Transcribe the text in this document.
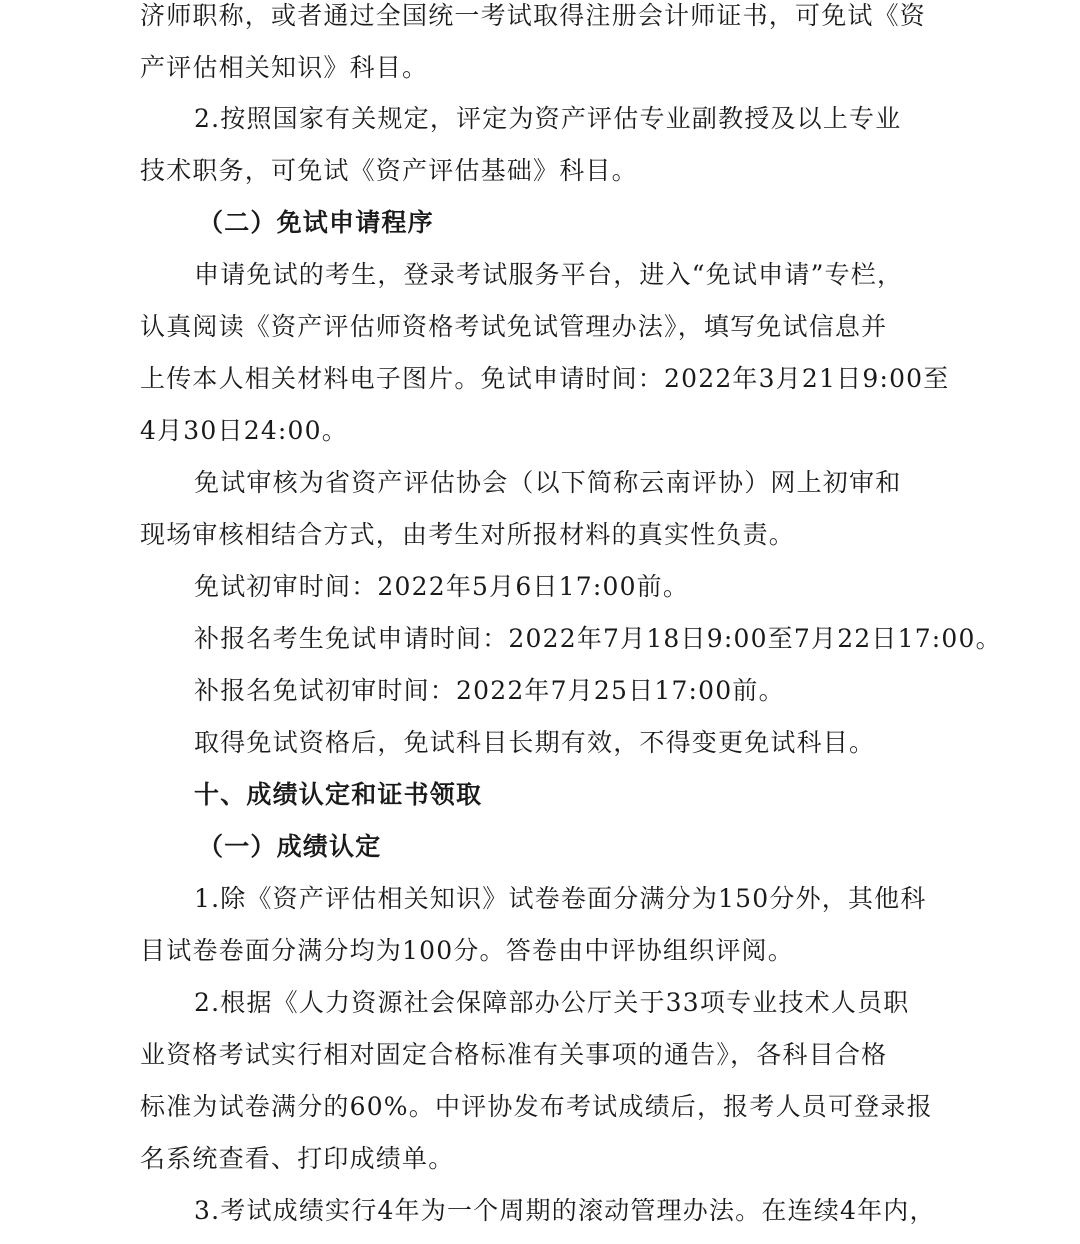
济师职称，或者通过全国统一考试取得注册会计师证书，可免试《资
产评估相关知识》科目。
2.按照国家有关规定，评定为资产评估专业副教授及以上专业
技术职务，可免试《资产评估基础》科目。
（二）免试申请程序
申请免试的考生，登录考试服务平台，进入“免试申请”专栏，
认真阅读《资产评估师资格考试免试管理办法》，填写免试信息并
上传本人相关材料电子图片。免试申请时间：2022年3月21日9:00至
4月30日24:00。
免试审核为省资产评估协会（以下简称云南评协）网上初审和
现场审核相结合方式，由考生对所报材料的真实性负责。
免试初审时间：2022年5月6日17:00前。
补报名考生免试申请时间：2022年7月18日9:00至7月22日17:00。
补报名免试初审时间：2022年7月25日17:00前。
取得免试资格后，免试科目长期有效，不得变更免试科目。
十、成绩认定和证书领取
（一）成绩认定
1.除《资产评估相关知识》试卷卷面分满分为150分外，其他科
目试卷卷面分满分均为100分。答卷由中评协组织评阅。
2.根据《人力资源社会保障部办公厅关于33项专业技术人员职
业资格考试实行相对固定合格标准有关事项的通告》，各科目合格
标准为试卷满分的60%。中评协发布考试成绩后，报考人员可登录报
名系统查看、打印成绩单。
3.考试成绩实行4年为一个周期的滚动管理办法。在连续4年内，
